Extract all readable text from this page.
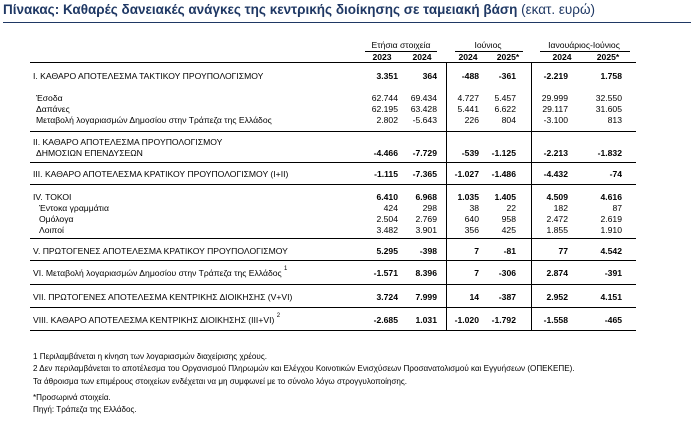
Πίνακας: Καθαρές δανειακές ανάγκες της κεντρικής διοίκησης σε ταμειακή βάση (εκατ. ευρώ)
Ετήσια στοιχεία
2023	2024
Ιούνιος
2024	2025*
Ιανουάριος-Ιούνιος
2024	2025*
I. ΚΑΘΑΡΟ ΑΠΟΤΕΛΕΣΜΑ ΤΑΚΤΙΚΟΥ ΠΡΟΥΠΟΛΟΓΙΣΜΟΥ	3.351	364	-488	-361	-2.219	1.758
Έσοδα	62.744	69.434	4.727	5.457	29.999	32.550
Δαπάνες	62.195	63.428	5.441	6.622	29.117	31.605
Μεταβολή λογαριασμών Δημοσίου στην Τράπεζα της Ελλάδος	2.802	-5.643	226	804	-3.100	813
II. ΚΑΘΑΡΟ ΑΠΟΤΕΛΕΣΜΑ ΠΡΟΥΠΟΛΟΓΙΣΜΟΥ
ΔΗΜΟΣΙΩΝ ΕΠΕΝΔΥΣΕΩΝ	-4.466	-7.729	-539	-1.125	-2.213	-1.832
III. ΚΑΘΑΡΟ ΑΠΟΤΕΛΕΣΜΑ ΚΡΑΤΙΚΟΥ ΠΡΟΥΠΟΛΟΓΙΣΜΟΥ (I+II)	-1.115	-7.365	-1.027	-1.486	-4.432	-74
IV. ΤΟΚΟΙ	6.410	6.968	1.035	1.405	4.509	4.616
Έντοκα γραμμάτια	424	298	38	22	182	87
Ομόλογα	2.504	2.769	640	958	2.472	2.619
Λοιποί	3.482	3.901	356	425	1.855	1.910
V. ΠΡΩΤΟΓΕΝΕΣ ΑΠΟΤΕΛΕΣΜΑ ΚΡΑΤΙΚΟΥ ΠΡΟΥΠΟΛΟΓΙΣΜΟΥ	5.295	-398	7	-81	77	4.542
VI. Μεταβολή λογαριασμών Δημοσίου στην Τράπεζα της Ελλάδος $^1$	-1.571	8.396	7	-306	2.874	-391
VII. ΠΡΩΤΟΓΕΝΕΣ ΑΠΟΤΕΛΕΣΜΑ ΚΕΝΤΡΙΚΗΣ ΔΙΟΙΚΗΣΗΣ (V+VI)	3.724	7.999	14	-387	2.952	4.151
VIII. ΚΑΘΑΡΟ ΑΠΟΤΕΛΕΣΜΑ ΚΕΝΤΡΙΚΗΣ ΔΙΟΙΚΗΣΗΣ (III+VI) $^2$	-2.685	1.031	-1.020	-1.792	-1.558	-465
1 Περιλαμβάνεται η κίνηση των λογαριασμών διαχείρισης χρέους.
2 Δεν περιλαμβάνεται το αποτέλεσμα του Οργανισμού Πληρωμών και Ελέγχου Κοινοτικών Ενισχύσεων Προσανατολισμού και Εγγυήσεων (ΟΠΕΚΕΠΕ).
Τα άθροισμα των επιμέρους στοιχείων ενδέχεται να μη συμφωνεί με το σύνολο λόγω στρογγυλοποίησης.
*Προσωρινά στοιχεία.
Πηγή: Τράπεζα της Ελλάδος.
